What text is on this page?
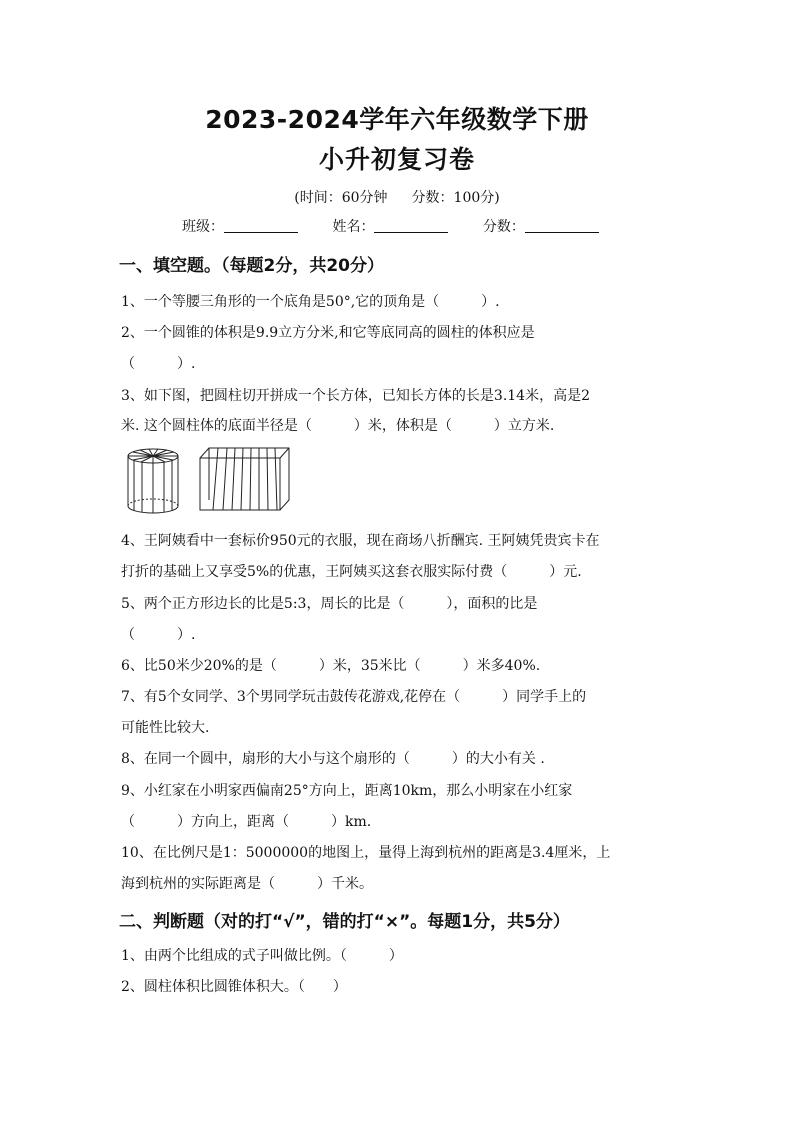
2023-2024学年六年级数学下册
小升初复习卷
(时间：60分钟 分数：100分)
班级：	姓名：	分数：
一、填空题。（每题2分，共20分）
1、一个等腰三角形的一个底角是50°,它的顶角是（　　　）.
2、一个圆锥的体积是9.9立方分米,和它等底同高的圆柱的体积应是
（　　　）.
3、如下图，把圆柱切开拼成一个长方体，已知长方体的长是3.14米，高是2
米. 这个圆柱体的底面半径是（　　　）米，体积是（　　　）立方米.
4、王阿姨看中一套标价950元的衣服，现在商场八折酬宾. 王阿姨凭贵宾卡在
打折的基础上又享受5%的优惠，王阿姨买这套衣服实际付费（　　　）元.
5、两个正方形边长的比是5:3，周长的比是（　　　），面积的比是
（　　　）.
6、比50米少20%的是（　　　）米，35米比（　　　）米多40%.
7、有5个女同学、3个男同学玩击鼓传花游戏,花停在（　　　）同学手上的
可能性比较大.
8、在同一个圆中，扇形的大小与这个扇形的（　　　）的大小有关 .
9、小红家在小明家西偏南25°方向上，距离10km，那么小明家在小红家
（　　　）方向上，距离（　　　）km.
10、在比例尺是1：5000000的地图上，量得上海到杭州的距离是3.4厘米，上
海到杭州的实际距离是（　　　）千米。
二、判断题（对的打“√”，错的打“×”。每题1分，共5分）
1、由两个比组成的式子叫做比例。（　　　）
2、圆柱体积比圆锥体积大。（　　）
